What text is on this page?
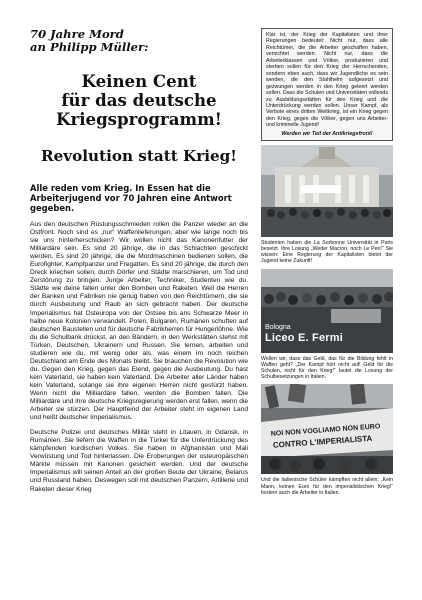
70 Jahre Mord
an Philipp Müller:
Keinen Cent
für das deutsche
Kriegsprogramm!
Revolution statt Krieg!
Alle reden vom Krieg. In Essen hat die Arbeiterjugend vor 70 Jahren eine Antwort gegeben.

Aus den deutschen Rüstungsschmieden rollen die Panzer wieder an die Ostfront. Noch sind es „nur“ Waffenlieferungen, aber wie lange noch bis sie uns hinterherschicken? Wir wollen nicht das Kanonenfutter der Milliardäre sein. Es sind 20 jährige, die in das Schlachten geschickt werden. Es sind 20 jährige, die die Mordmaschinen bedienen sollen, die Eurofighter, Kampfpanzer und Fregatten. Es sind 20 jährige, die durch den Dreck kriechen sollen, durch Dörfer und Städte marschieren, um Tod und Zerstörung zu bringen. Junge Arbeiter, Techniker, Studenten wie du. Städte wie deine fallen unter den Bomben und Raketen. Weil die Herren der Banken und Fabriken nie genug haben von den Reichtümern, die sie durch Ausbeutung und Raub an sich gebracht haben. Der deutsche Imperialismus hat Osteuropa von der Ostsee bis ans Schwarze Meer in halbe neue Kolonien verwandelt. Polen, Bulgaren, Rumänen schuften auf deutschen Baustellen und für deutsche Fabrikherren für Hungerlöhne. Wie du die Schulbank drückst, an den Bändern, in den Werkstätten stehst mit Türken, Deutschen, Ukrainern und Russen. Sie lernen, arbeiten und studieren wie du, mit wenig oder als, was einem im noch reichen Deutschland am Ende des Monats bleibt. Sie brauchen die Revolution wie du. Gegen den Krieg, gegen das Elend, gegen die Ausbeutung. Du hast kein Vaterland, sie haben kein Vaterland. Die Arbeiter aller Länder haben kein Vaterland, solange sie ihre eigenen Herren nicht gestürzt haben. Wenn nicht die Milliardäre fallen, werden die Bomben fallen. Die Milliardäre und ihre deutsche Kriegsregierung werden erst fallen, wenn die Arbeiter sie stürzen. Der Hauptfeind der Arbeiter steht im eigenen Land und heißt deutscher Imperialismus.

Deutsche Polizei und deutsches Militär steht in Litauen, in Gdansk, in Rumänien. Sie liefern die Waffen in die Türkei für die Unterdrückung des kämpfenden kurdischen Volkes. Sie haben in Afghanistan und Mali Verwüstung und Tod hinterlassen. Die Eroberungen der osteuropäischen Märkte müssen mit Kanonen gesichert werden. Und der deutsche Imperialismus will seinen Anteil an der großen Beute der Ukraine, Belarus und Russland haben. Deswegen soll mit deutschen Panzern, Artillerie und Raketen dieser Krieg

Klar ist, der Krieg der Kapitalisten und ihrer Regierungen bedeutet: Nicht nur, dass alle Reichtümer, die die Arbeiter geschaffen haben, vernichtet werden. Nicht nur, dass die Arbeiterklassen und Völker, produzieren und sterben sollen für den Krieg der Herrschenden, sondern eben auch, dass wir Jugendliche es sein werden, die den Stahlhelm aufgesetzt und gezwungen werden in den Krieg geleert werden sollen. Dass die Schulen und Universitäten vollends zu Ausbildungsstätten für den Krieg und die Unterdrückung werden sollen. Unser Kampf, als Verbote eines dritten Weltkrieg, ist ein Krieg gegen den Krieg, gegen die Völker, gegen uns Arbeiter- und kriminelle Jugend!
Werden wir Teil der Antikriegsfront!
Studenten haben die La Sorbonne Universität in Paris besetzt. Ihre Losung „Weder Macron, noch Le Pen!“ Sie wissen: Eine Regierung der Kapitalisten bietet der Jugend keine Zukunft!
Bologna
Liceo E. Fermi
Wollen wir, dass das Geld, das für die Bildung fehlt in Waffen geht? „Der Kampf hört nicht auf! Geld für die Schulen, nicht für den Krieg!“ lautet die Losung der Schulbesetzungen in Italien.
NOI NON VOGLIAMO NON EURO
CONTRO L'IMPERIALISTA
Und die italienische Schüler kämpften nicht allein: „Kein Mann, keinen Euro für den imperialistischen Krieg!“ fordern auch die Arbeiter in Italien.
